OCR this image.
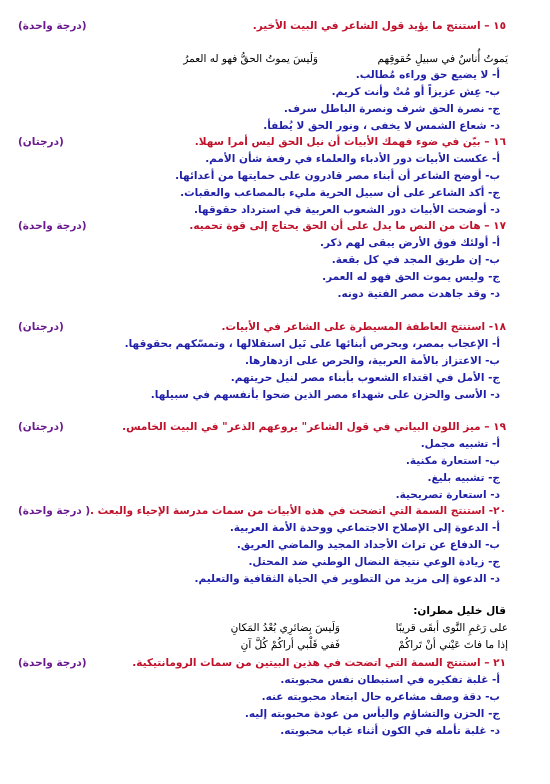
١٥ – استنتج ما يؤيد قول الشاعر في البيت الأخير.
(درجة واحدة)
يَموتُ أُناسٌ في سبيلِ حُقوقِهم
وَلَيسَ يموتُ الحقُّ فهو له العمرُ
أ- لا يضيع حق وراءه مُطالب.
ب- عِش عزيزاً أو مُتْ وأنت كريم.
ج- نصرة الحق شرف ونصرة الباطل سرف.
د- شعاع الشمس لا يخفى ، ونور الحق لا يُطفأ.
١٦ – بيّن في ضوء فهمك الأبيات أن نيل الحق ليس أمرا سهلا.
(درجتان)
أ- عكست الأبيات دور الأدباء والعلماء في رفعة شأن الأمم.
ب- أوضح الشاعر أن أبناء مصر قادرون على حمايتها من أعدائها.
ج- أكد الشاعر على أن سبيل الحرية مليء بالمصاعب والعقبات.
د- أوضحت الأبيات دور الشعوب العربية في استرداد حقوقها.
١٧ – هات من النص ما يدل على أن الحق يحتاج إلى قوة تحميه.
(درجة واحدة)
أ- أولئك فوق الأرض يبقى لهم ذكر.
ب- إن طريق المجد في كل بقعة.
ج- وليس يموت الحق فهو له العمر.
د- وقد جاهدت مصر الفتية دونه.
١٨- استنتج العاطفة المسيطرة على الشاعر في الأبيات.
(درجتان)
أ- الإعجاب بمصر، وبحرص أبنائها على نَيل استقلالها ، وتمسّكهم بحقوقها.
ب- الاعتزاز بالأمة العربية، والحرص على ازدهارها.
ج- الأمل في اقتداء الشعوب بأبناء مصر لنيل حريتهم.
د- الأسى والحزن على شهداء مصر الذين ضحوا بأنفسهم في سبيلها.
١٩ – ميز اللون البياني في قول الشاعر" يروعهم الذعر" في البيت الخامس.
(درجتان)
أ- تشبيه مجمل.
ب- استعارة مكنية.
ج- تشبيه بليغ.
د- استعارة تصريحية.
٢٠- استنتج السمة التي اتضحت في هذه الأبيات من سمات مدرسة الإحياء والبعث .
( درجة واحدة)
أ- الدعوة إلى الإصلاح الاجتماعي ووحدة الأمة العربية.
ب- الدفاع عن تراث الأجداد المجيد والماضي العريق.
ج- زيادة الوعي نتيجة النضال الوطني ضد المحتل.
د- الدعوة إلى مزيد من التطوير في الحياة الثقافية والتعليم.
قال خليل مطران:
على رَغمِ النَّوى أبقَى قريبًا
وَلَيسَ بِضائرِي بُعْدُ المَكانِ
إذا ما فاتَ عَيْني أنْ تَراكُمْ
فَفي قَلْبي أراكُمْ كُلَّ آنِ
٢١ – استنتج السمة التي اتضحت في هذين البيتين من سمات الرومانتيكية.
(درجة واحدة)
أ- غلبة تفكيره في استبطان نفس محبوبته.
ب- دقة وصف مشاعره حال ابتعاد محبوبته عنه.
ج- الحزن والتشاؤم واليأس من عودة محبوبته إليه.
د- غلبة تأمله في الكون أثناء غياب محبوبته.
